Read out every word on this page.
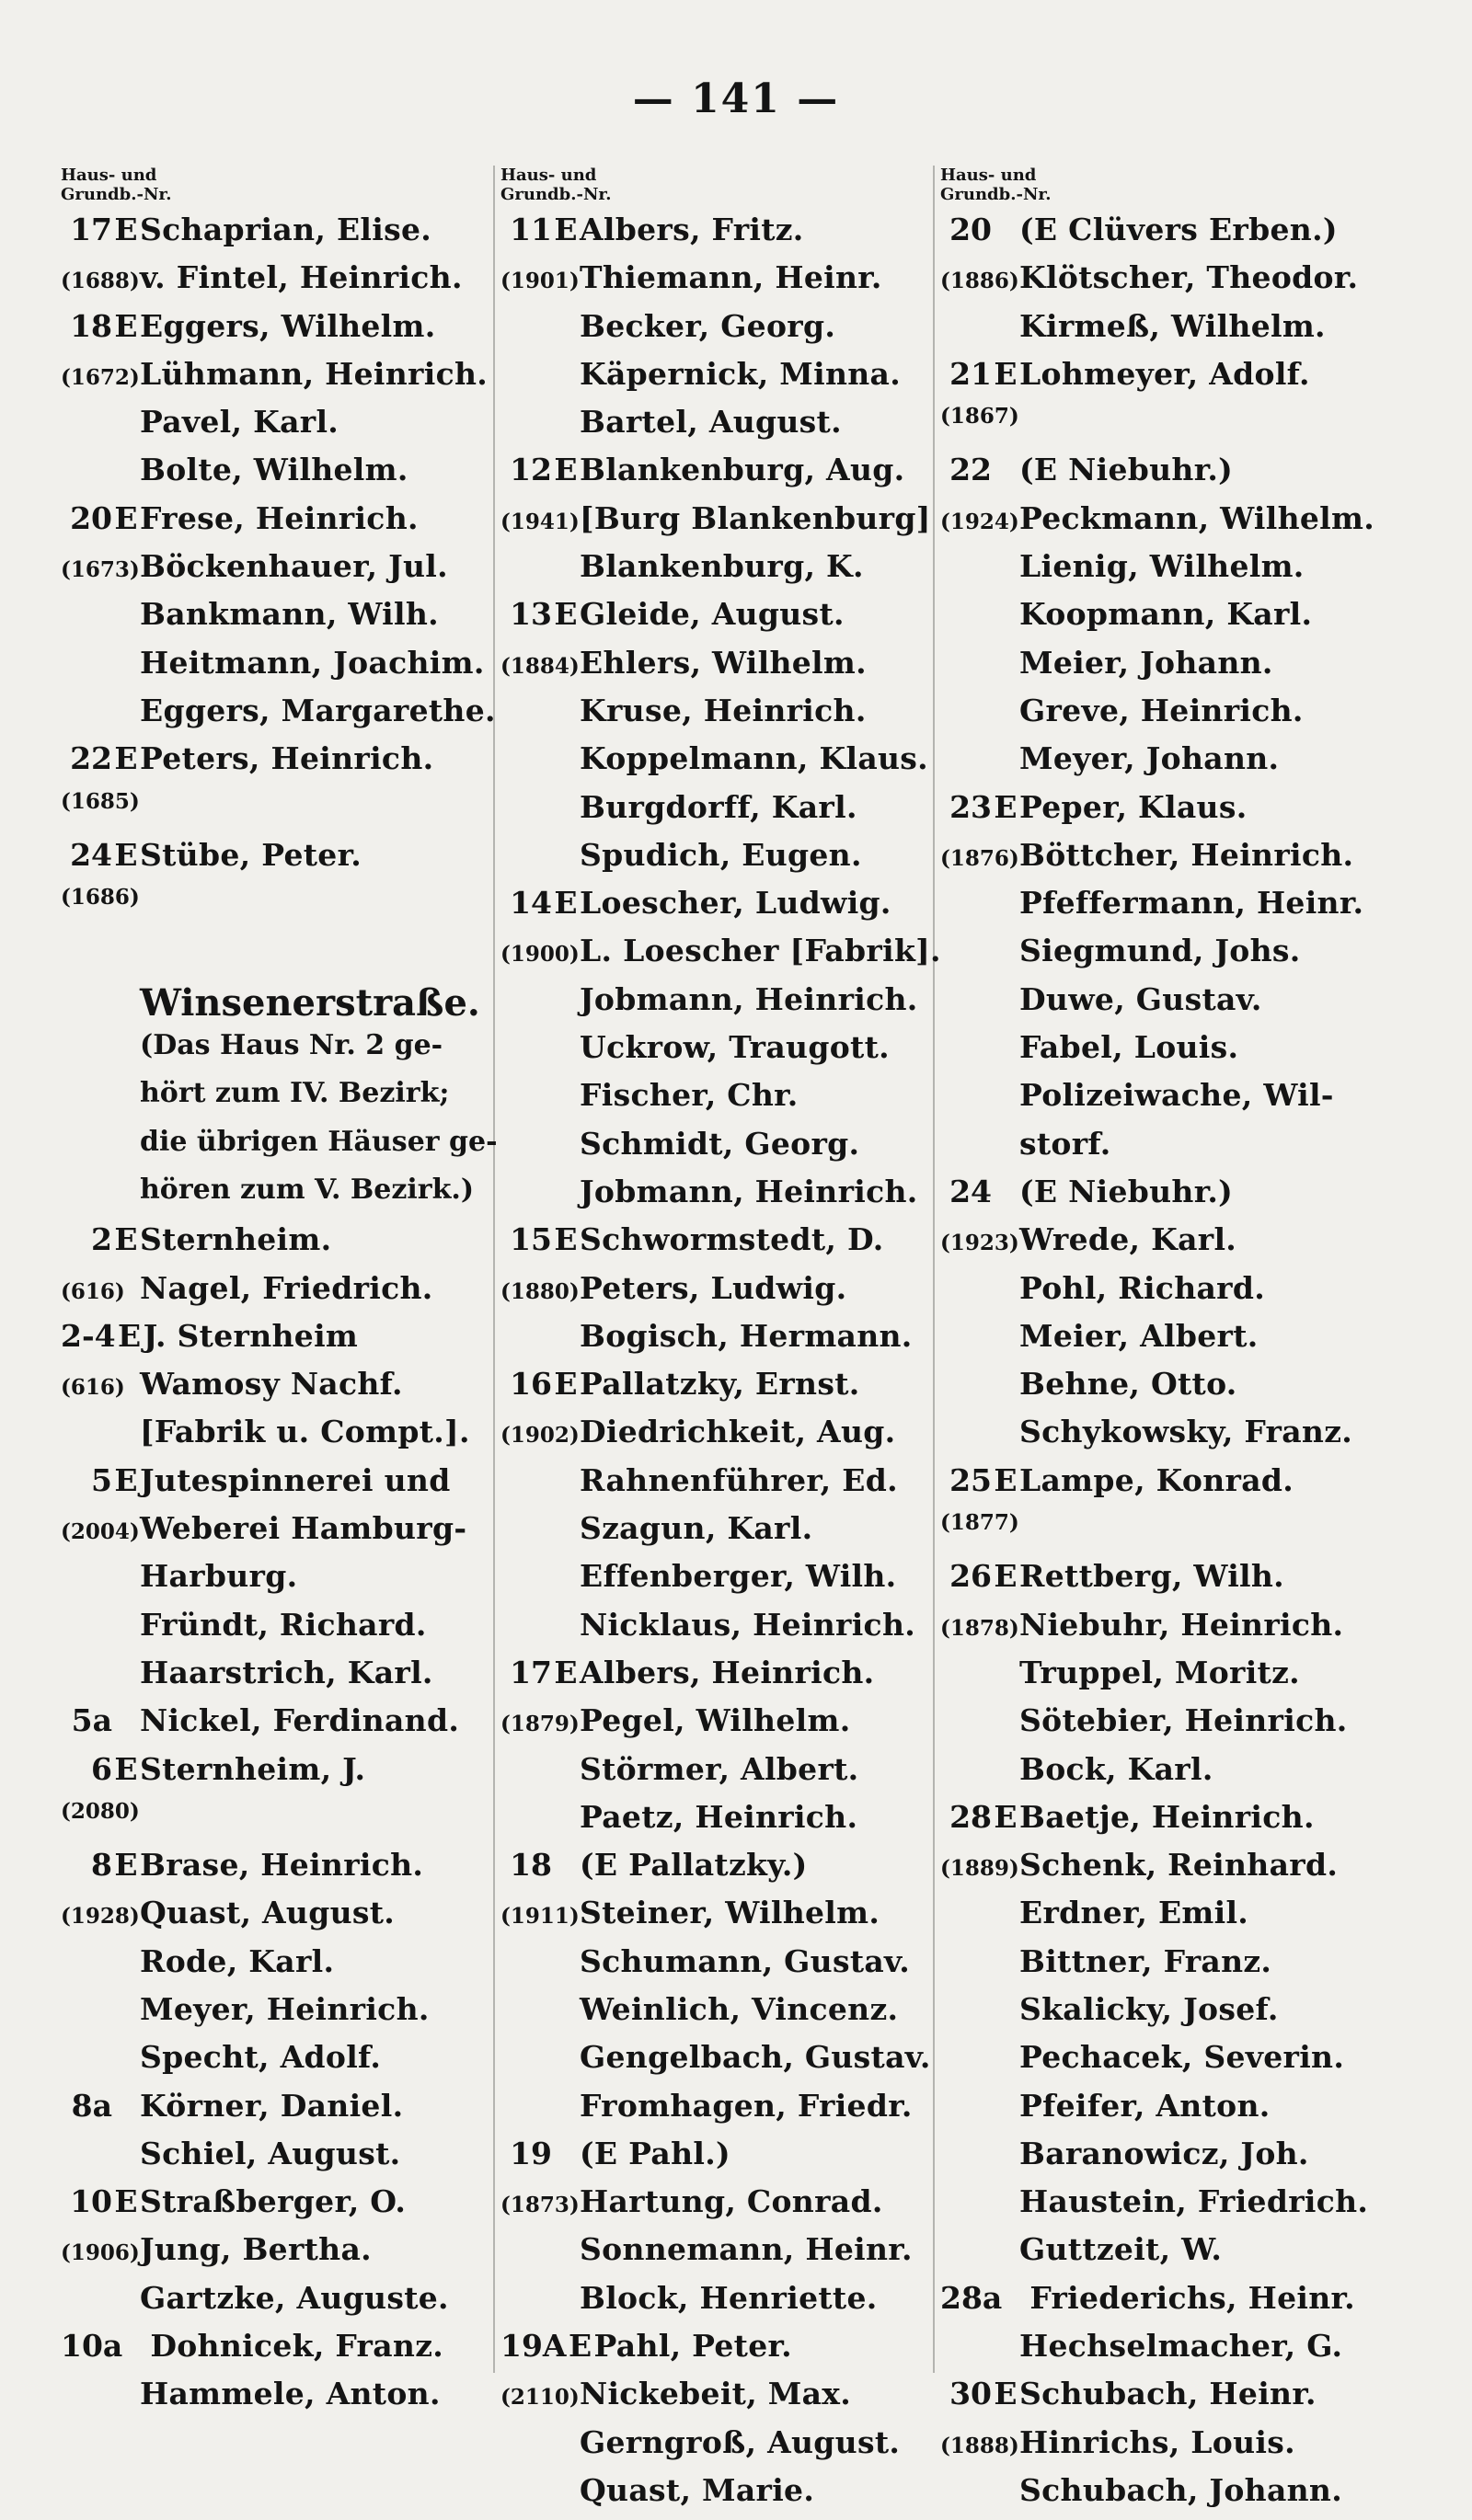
— 141 —
Haus- und
Grundb.-Nr.
17 E Schaprian, Elise.
(1688) v. Fintel, Heinrich.
18 E Eggers, Wilhelm.
(1672) Lühmann, Heinrich.
Pavel, Karl.
Bolte, Wilhelm.
20 E Frese, Heinrich.
(1673) Böckenhauer, Jul.
Bankmann, Wilh.
Heitmann, Joachim.
Eggers, Margarethe.
22 E Peters, Heinrich.
(1685)
24 E Stübe, Peter.
(1686)
Winsenerstraße.
(Das Haus Nr. 2 ge-
hört zum IV. Bezirk;
die übrigen Häuser ge-
hören zum V. Bezirk.)
2 E Sternheim.
(616) Nagel, Friedrich.
2-4 E J. Sternheim
(616) Wamosy Nachf.
[Fabrik u. Compt.].
5 E Jutespinnerei und
(2004) Weberei Hamburg-
Harburg.
Fründt, Richard.
Haarstrich, Karl.
5a Nickel, Ferdinand.
6 E Sternheim, J.
(2080)
8 E Brase, Heinrich.
(1928) Quast, August.
Rode, Karl.
Meyer, Heinrich.
Specht, Adolf.
8a Körner, Daniel.
Schiel, August.
10 E Straßberger, O.
(1906) Jung, Bertha.
Gartzke, Auguste.
10a Dohnicek, Franz.
Hammele, Anton.
Haus- und
Grundb.-Nr.
11 E Albers, Fritz.
(1901) Thiemann, Heinr.
Becker, Georg.
Käpernick, Minna.
Bartel, August.
12 E Blankenburg, Aug.
(1941) [Burg Blankenburg]
Blankenburg, K.
13 E Gleide, August.
(1884) Ehlers, Wilhelm.
Kruse, Heinrich.
Koppelmann, Klaus.
Burgdorff, Karl.
Spudich, Eugen.
14 E Loescher, Ludwig.
(1900) L. Loescher [Fabrik].
Jobmann, Heinrich.
Uckrow, Traugott.
Fischer, Chr.
Schmidt, Georg.
Jobmann, Heinrich.
15 E Schwormstedt, D.
(1880) Peters, Ludwig.
Bogisch, Hermann.
16 E Pallatzky, Ernst.
(1902) Diedrichkeit, Aug.
Rahnenführer, Ed.
Szagun, Karl.
Effenberger, Wilh.
Nicklaus, Heinrich.
17 E Albers, Heinrich.
(1879) Pegel, Wilhelm.
Störmer, Albert.
Paetz, Heinrich.
18 (E Pallatzky.)
(1911) Steiner, Wilhelm.
Schumann, Gustav.
Weinlich, Vincenz.
Gengelbach, Gustav.
Fromhagen, Friedr.
19 (E Pahl.)
(1873) Hartung, Conrad.
Sonnemann, Heinr.
Block, Henriette.
19A E Pahl, Peter.
(2110) Nickebeit, Max.
Gerngroß, August.
Quast, Marie.
Haus- und
Grundb.-Nr.
20 (E Clüvers Erben.)
(1886) Klötscher, Theodor.
Kirmeß, Wilhelm.
21 E Lohmeyer, Adolf.
(1867)
22 (E Niebuhr.)
(1924) Peckmann, Wilhelm.
Lienig, Wilhelm.
Koopmann, Karl.
Meier, Johann.
Greve, Heinrich.
Meyer, Johann.
23 E Peper, Klaus.
(1876) Böttcher, Heinrich.
Pfeffermann, Heinr.
Siegmund, Johs.
Duwe, Gustav.
Fabel, Louis.
Polizeiwache, Wil-
storf.
24 (E Niebuhr.)
(1923) Wrede, Karl.
Pohl, Richard.
Meier, Albert.
Behne, Otto.
Schykowsky, Franz.
25 E Lampe, Konrad.
(1877)
26 E Rettberg, Wilh.
(1878) Niebuhr, Heinrich.
Truppel, Moritz.
Sötebier, Heinrich.
Bock, Karl.
28 E Baetje, Heinrich.
(1889) Schenk, Reinhard.
Erdner, Emil.
Bittner, Franz.
Skalicky, Josef.
Pechacek, Severin.
Pfeifer, Anton.
Baranowicz, Joh.
Haustein, Friedrich.
Guttzeit, W.
28a Friederichs, Heinr.
Hechselmacher, G.
30 E Schubach, Heinr.
(1888) Hinrichs, Louis.
Schubach, Johann.
